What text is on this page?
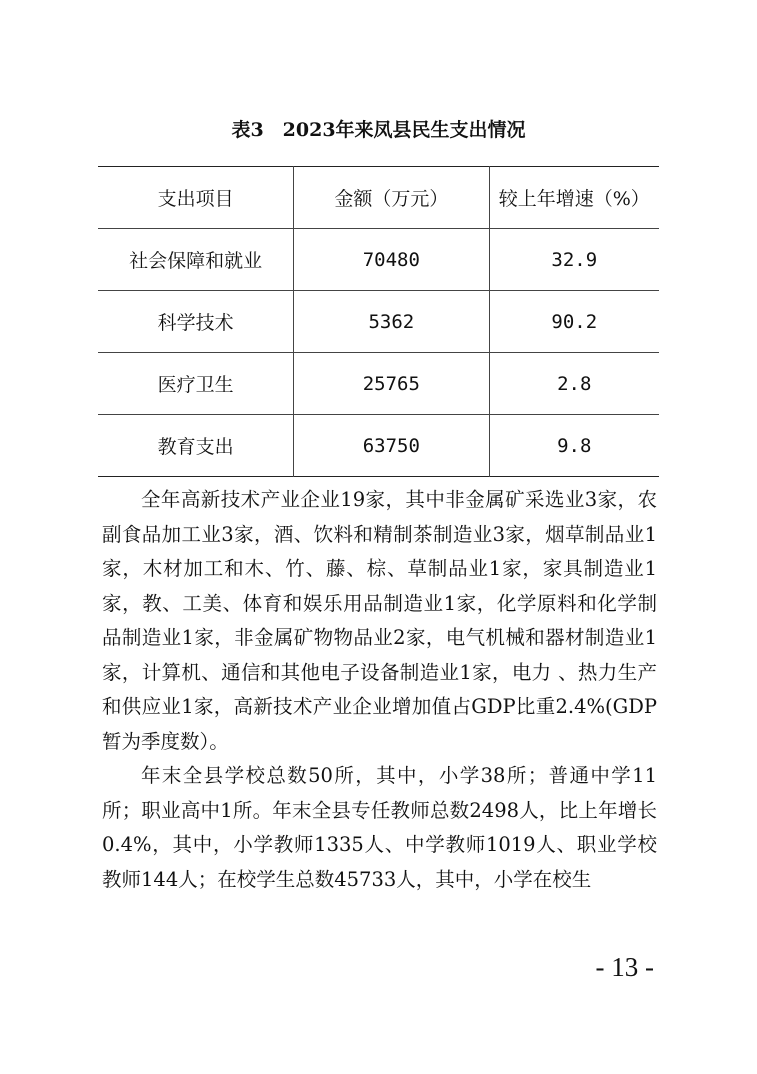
表3　2023年来凤县民生支出情况
支出项目	金额（万元）	较上年增速（%）
社会保障和就业	70480	32.9
科学技术	5362	90.2
医疗卫生	25765	2.8
教育支出	63750	9.8

全年高新技术产业企业19家，其中非金属矿采选业3家，农副食品加工业3家，酒、饮料和精制茶制造业3家，烟草制品业1家，木材加工和木、竹、藤、棕、草制品业1家，家具制造业1家，教、工美、体育和娱乐用品制造业1家，化学原料和化学制品制造业1家，非金属矿物物品业2家，电气机械和器材制造业1家，计算机、通信和其他电子设备制造业1家，电力 、热力生产和供应业1家，高新技术产业企业增加值占GDP比重2.4%(GDP暂为季度数）。

年末全县学校总数50所，其中，小学38所；普通中学11所；职业高中1所。年末全县专任教师总数2498人，比上年增长0.4%，其中，小学教师1335人、中学教师1019人、职业学校教师144人；在校学生总数45733人，其中，小学在校生

- 13 -
